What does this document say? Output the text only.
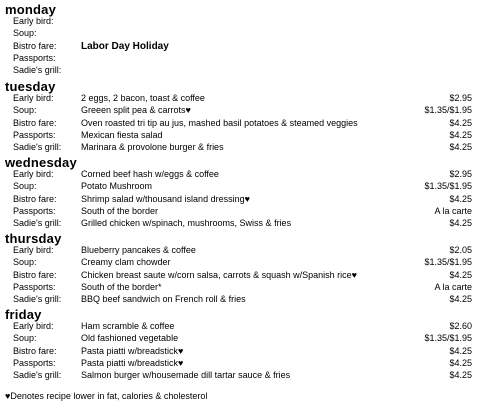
monday
Early bird:
Soup:
Bistro fare: Labor Day Holiday
Passports:
Sadie's grill:
tuesday
Early bird:	2 eggs, 2 bacon, toast & coffee	$2.95
Soup:	Greeen split pea & carrots♥	$1.35/$1.95
Bistro fare:	Oven roasted tri tip au jus, mashed basil potatoes & steamed veggies	$4.25
Passports:	Mexican fiesta salad	$4.25
Sadie's grill: Marinara & provolone burger & fries	$4.25
wednesday
Early bird:	Corned beef hash w/eggs & coffee	$2.95
Soup:	Potato Mushroom	$1.35/$1.95
Bistro fare:	Shrimp salad w/thousand island dressing♥	$4.25
Passports:	South of the border	A la carte
Sadie's grill: Grilled chicken w/spinach, mushrooms, Swiss & fries	$4.25
thursday
Early bird:	Blueberry pancakes & coffee	$2.05
Soup:	Creamy clam chowder	$1.35/$1.95
Bistro fare:	Chicken breast saute w/corn salsa, carrots & squash w/Spanish rice♥	$4.25
Passports:	South of the border*	A la carte
Sadie's grill: BBQ beef sandwich on French roll & fries	$4.25
friday
Early bird:	Ham scramble & coffee	$2.60
Soup:	Old fashioned vegetable	$1.35/$1.95
Bistro fare:	Pasta piatti w/breadstick♥	$4.25
Passports:	Pasta piatti w/breadstick♥	$4.25
Sadie's grill: Salmon burger w/housemade dill tartar sauce & fries	$4.25
♥Denotes recipe lower in fat, calories & cholesterol
